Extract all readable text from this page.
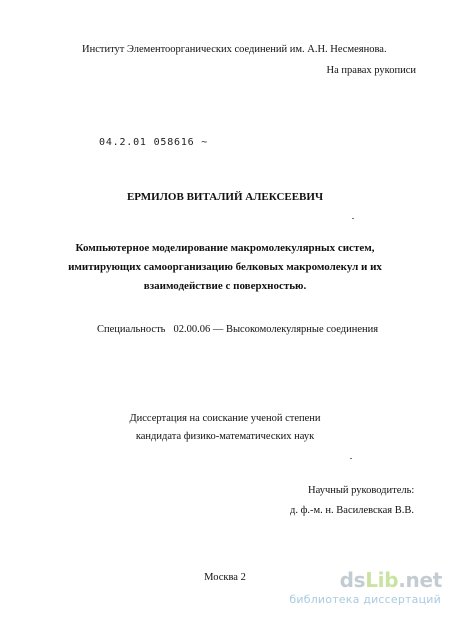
Институт Элементоорганических соединений им. А.Н. Несмеянова.
На правах рукописи
04.2.01 058616 ~
ЕРМИЛОВ ВИТАЛИЙ АЛЕКСЕЕВИЧ
Компьютерное моделирование макромолекулярных систем,
имитирующих самоорганизацию белковых макромолекул и их
взаимодействие с поверхностью.
Специальность 02.00.06 — Высокомолекулярные соединения
Диссертация на соискание ученой степени
кандидата физико-математических наук
Научный руководитель:
д. ф.-м. н. Василевская В.В.
Москва 2	dsLib.net
библиотека диссертаций
